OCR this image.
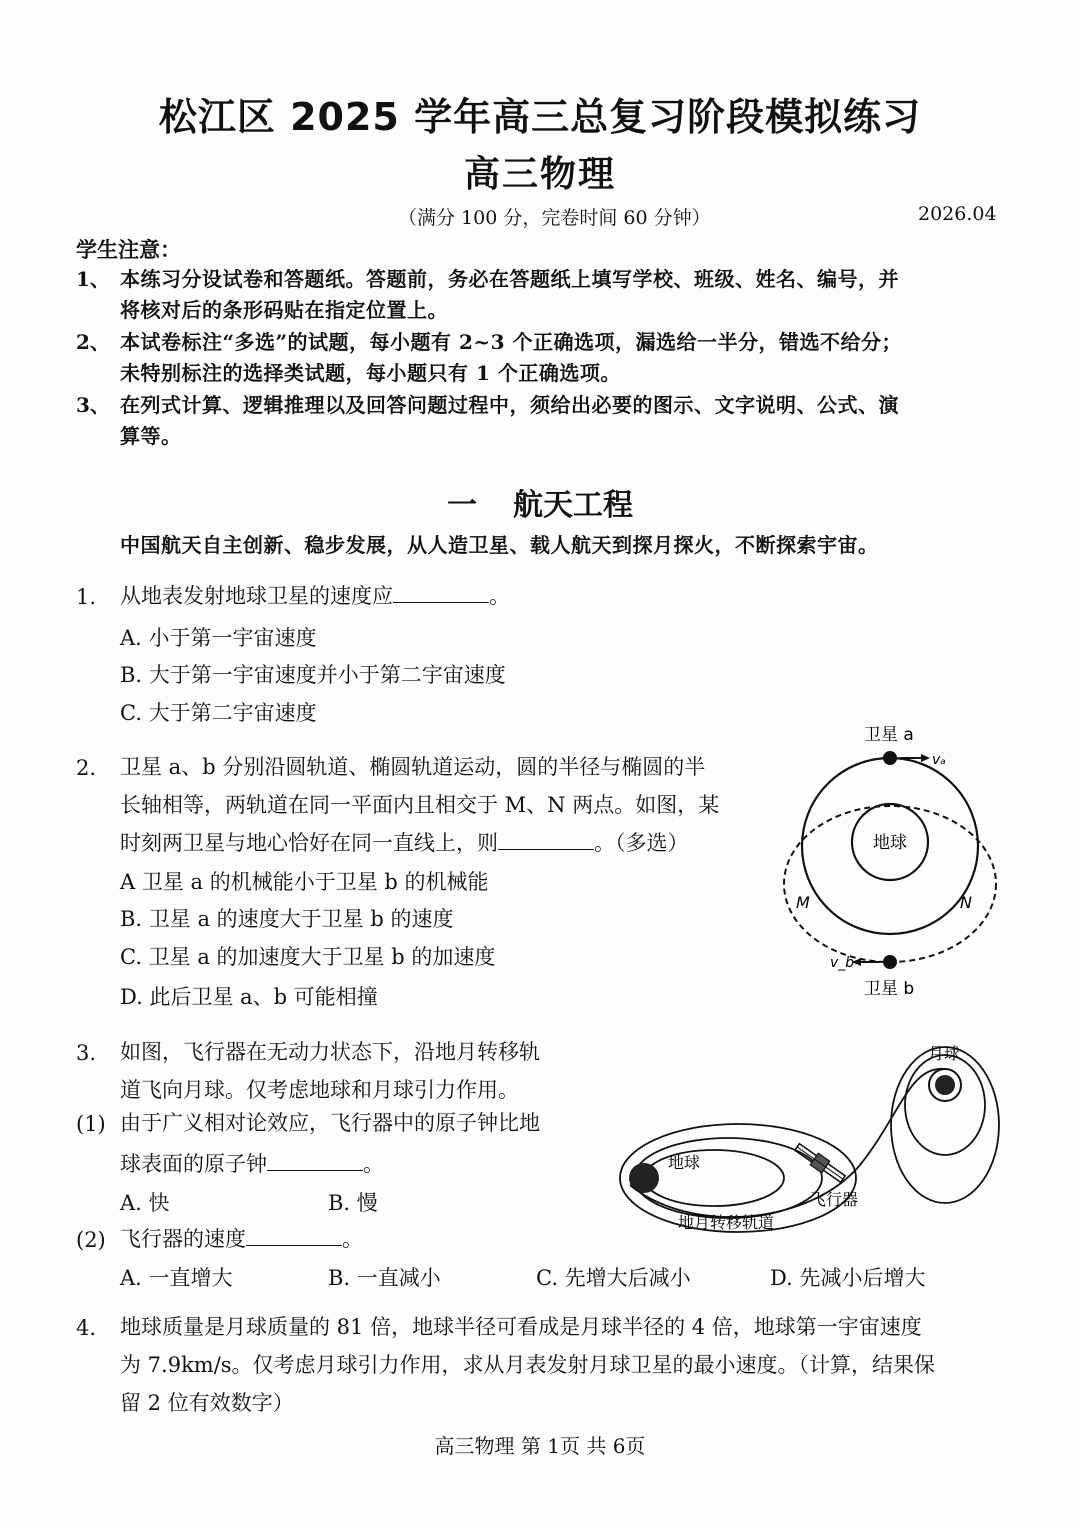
松江区 2025 学年高三总复习阶段模拟练习
高三物理
（满分 100 分，完卷时间 60 分钟）	2026.04
学生注意：
1、 本练习分设试卷和答题纸。答题前，务必在答题纸上填写学校、班级、姓名、编号，并
将核对后的条形码贴在指定位置上。
2、 本试卷标注“多选”的试题，每小题有 2~3 个正确选项，漏选给一半分，错选不给分；
未特别标注的选择类试题，每小题只有 1 个正确选项。
3、 在列式计算、逻辑推理以及回答问题过程中，须给出必要的图示、文字说明、公式、演
算等。
一 航天工程
中国航天自主创新、稳步发展，从人造卫星、载人航天到探月探火，不断探索宇宙。
1. 从地表发射地球卫星的速度应	。
A. 小于第一宇宙速度
B. 大于第一宇宙速度并小于第二宇宙速度
C. 大于第二宇宙速度
2. 卫星 a、b 分别沿圆轨道、椭圆轨道运动，圆的半径与椭圆的半
长轴相等，两轨道在同一平面内且相交于 M、N 两点。如图，某
时刻两卫星与地心恰好在同一直线上，则	。（多选）
A 卫星 a 的机械能小于卫星 b 的机械能
B. 卫星 a 的速度大于卫星 b 的速度
C. 卫星 a 的加速度大于卫星 b 的加速度
D. 此后卫星 a、b 可能相撞
地球
卫星 a
vₐ
v_b
卫星 b
M	N
3. 如图，飞行器在无动力状态下，沿地月转移轨
道飞向月球。仅考虑地球和月球引力作用。
(1) 由于广义相对论效应，飞行器中的原子钟比地
球表面的原子钟	。
A. 快	B. 慢
(2) 飞行器的速度	。
A. 一直增大	B. 一直减小	C. 先增大后减小	D. 先减小后增大
地球
月球
飞行器
地月转移轨道
4. 地球质量是月球质量的 81 倍，地球半径可看成是月球半径的 4 倍，地球第一宇宙速度
为 7.9km/s。仅考虑月球引力作用，求从月表发射月球卫星的最小速度。（计算，结果保
留 2 位有效数字）
高三物理 第 1页 共 6页
